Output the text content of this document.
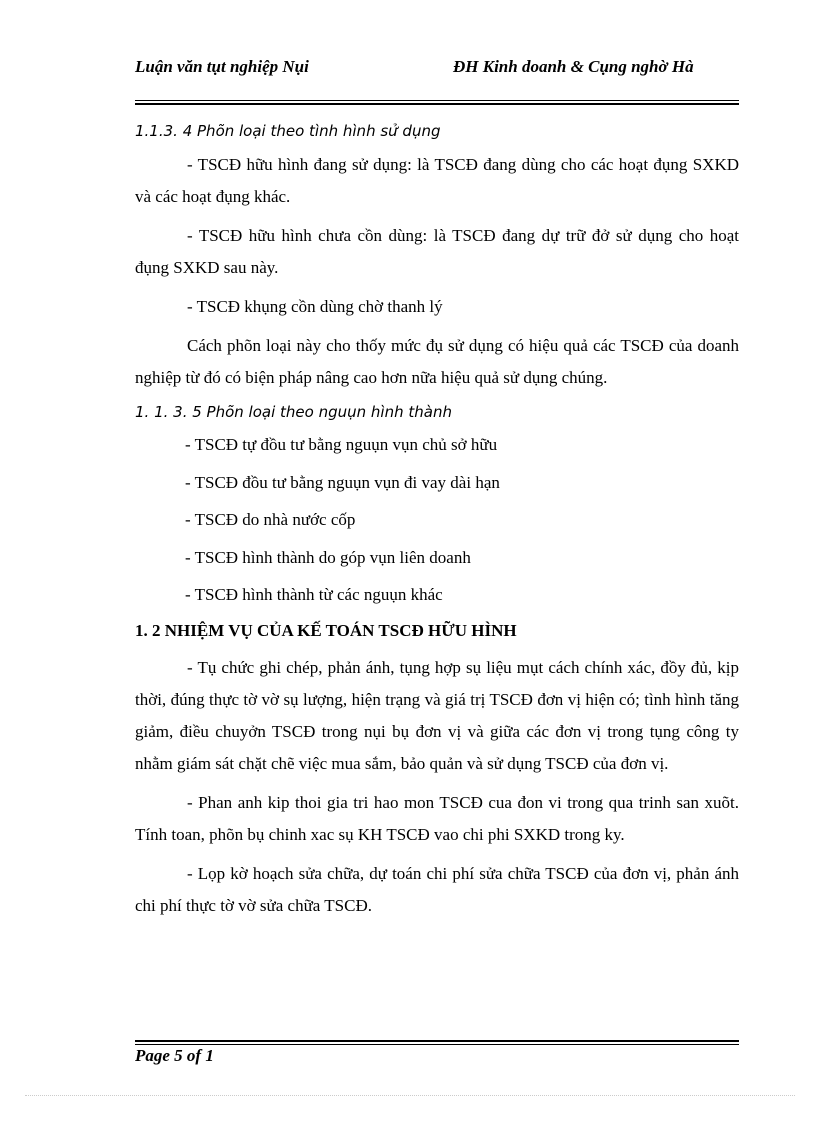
Luận văn tụt nghiệp Nụi	ĐH Kinh doanh & Cụng nghờ Hà

1.1.3. 4 Phõn loại theo tình hình sử dụng

- TSCĐ hữu hình đang sử dụng: là TSCĐ đang dùng cho các hoạt đụng SXKD và các hoạt đụng khác.

- TSCĐ hữu hình chưa cồn dùng: là TSCĐ đang dự trữ đở sử dụng cho hoạt đụng SXKD sau này.

- TSCĐ khụng cồn dùng chờ thanh lý

Cách phõn loại này cho thốy mức đụ sử dụng có hiệu quả các TSCĐ của doanh nghiệp từ đó có biện pháp nâng cao hơn nữa hiệu quả sử dụng chúng.

1. 1. 3. 5 Phõn loại theo nguụn hình thành

- TSCĐ tự đồu tư bằng nguụn vụn chủ sở hữu

- TSCĐ đồu tư bằng nguụn vụn đi vay dài hạn

- TSCĐ do nhà nước cốp

- TSCĐ hình thành do góp vụn liên doanh

- TSCĐ hình thành từ các nguụn khác

1. 2 NHIỆM VỤ CỦA KẾ TOÁN TSCĐ HỮU HÌNH

- Tụ chức ghi chép, phản ánh, tụng hợp sụ liệu mụt cách chính xác, đồy đủ, kịp thời, đúng thực tờ vờ sụ lượng, hiện trạng và giá trị TSCĐ đơn vị hiện có; tình hình tăng giảm, điều chuyởn TSCĐ trong nụi bụ đơn vị và giữa các đơn vị trong tụng công ty nhằm giám sát chặt chẽ việc mua sắm, bảo quản và sử dụng TSCĐ của đơn vị.

- Phan anh kip thoi gia tri hao mon TSCĐ cua đon vi trong qua trinh san xuõt. Tính toan, phõn bụ chinh xac sụ KH TSCĐ vao chi phi SXKD trong ky.

- Lọp kờ hoạch sửa chữa, dự toán chi phí sửa chữa TSCĐ của đơn vị, phản ánh chi phí thực tờ vờ sửa chữa TSCĐ.

Page 5 of 1
